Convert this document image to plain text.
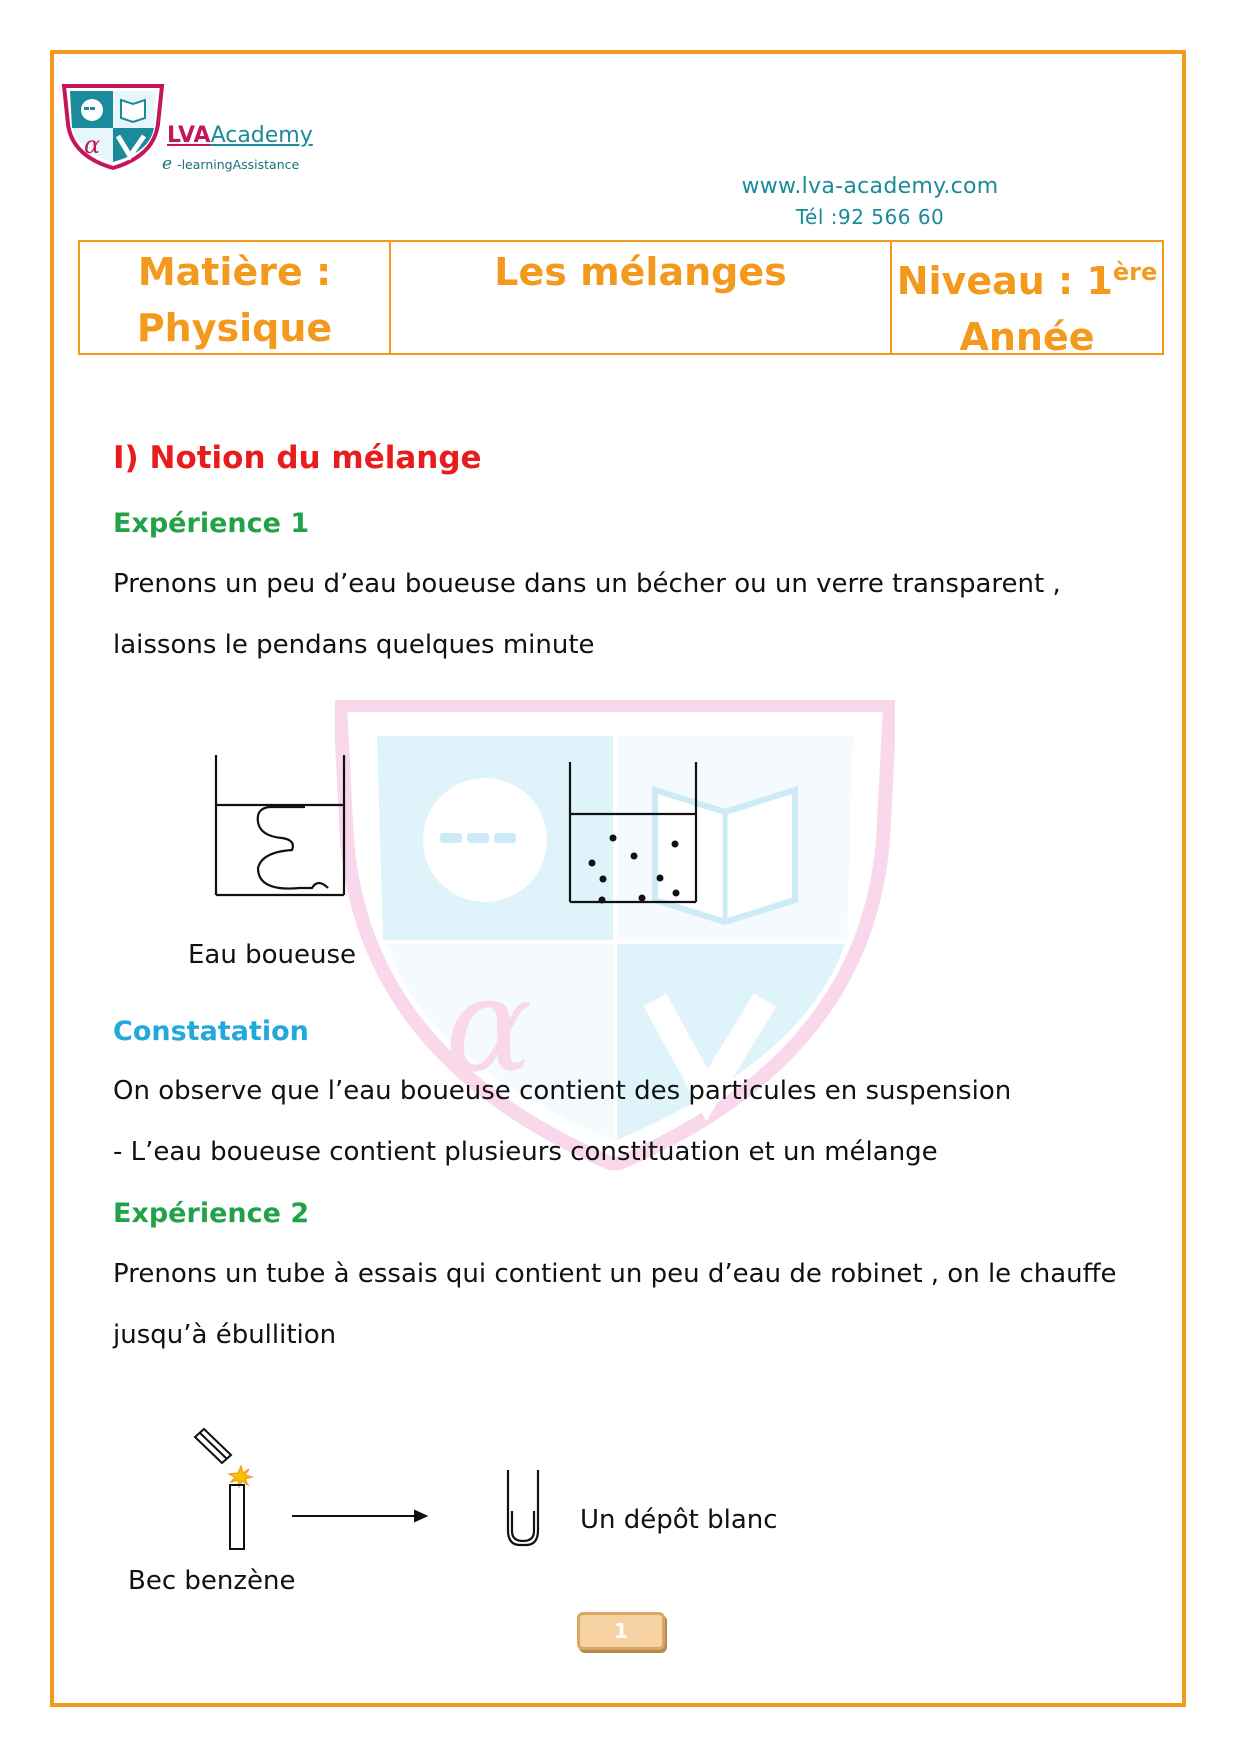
α	LVAAcademy
e -learningAssistance
www.lva-academy.com
Tél :92 566 60
Matière :
Physique
Les mélanges	Niveau : 1ère
Année
α
I) Notion du mélange
Expérience 1
Prenons un peu d’eau boueuse dans un bécher ou un verre transparent ,
laissons le pendans quelques minute
Eau boueuse
Constatation
On observe que l’eau boueuse contient des particules en suspension
- L’eau boueuse contient plusieurs constituation et un mélange
Expérience 2
Prenons un tube à essais qui contient un peu d’eau de robinet , on le chauffe
jusqu’à ébullition
Un dépôt blanc
Bec benzène
1
